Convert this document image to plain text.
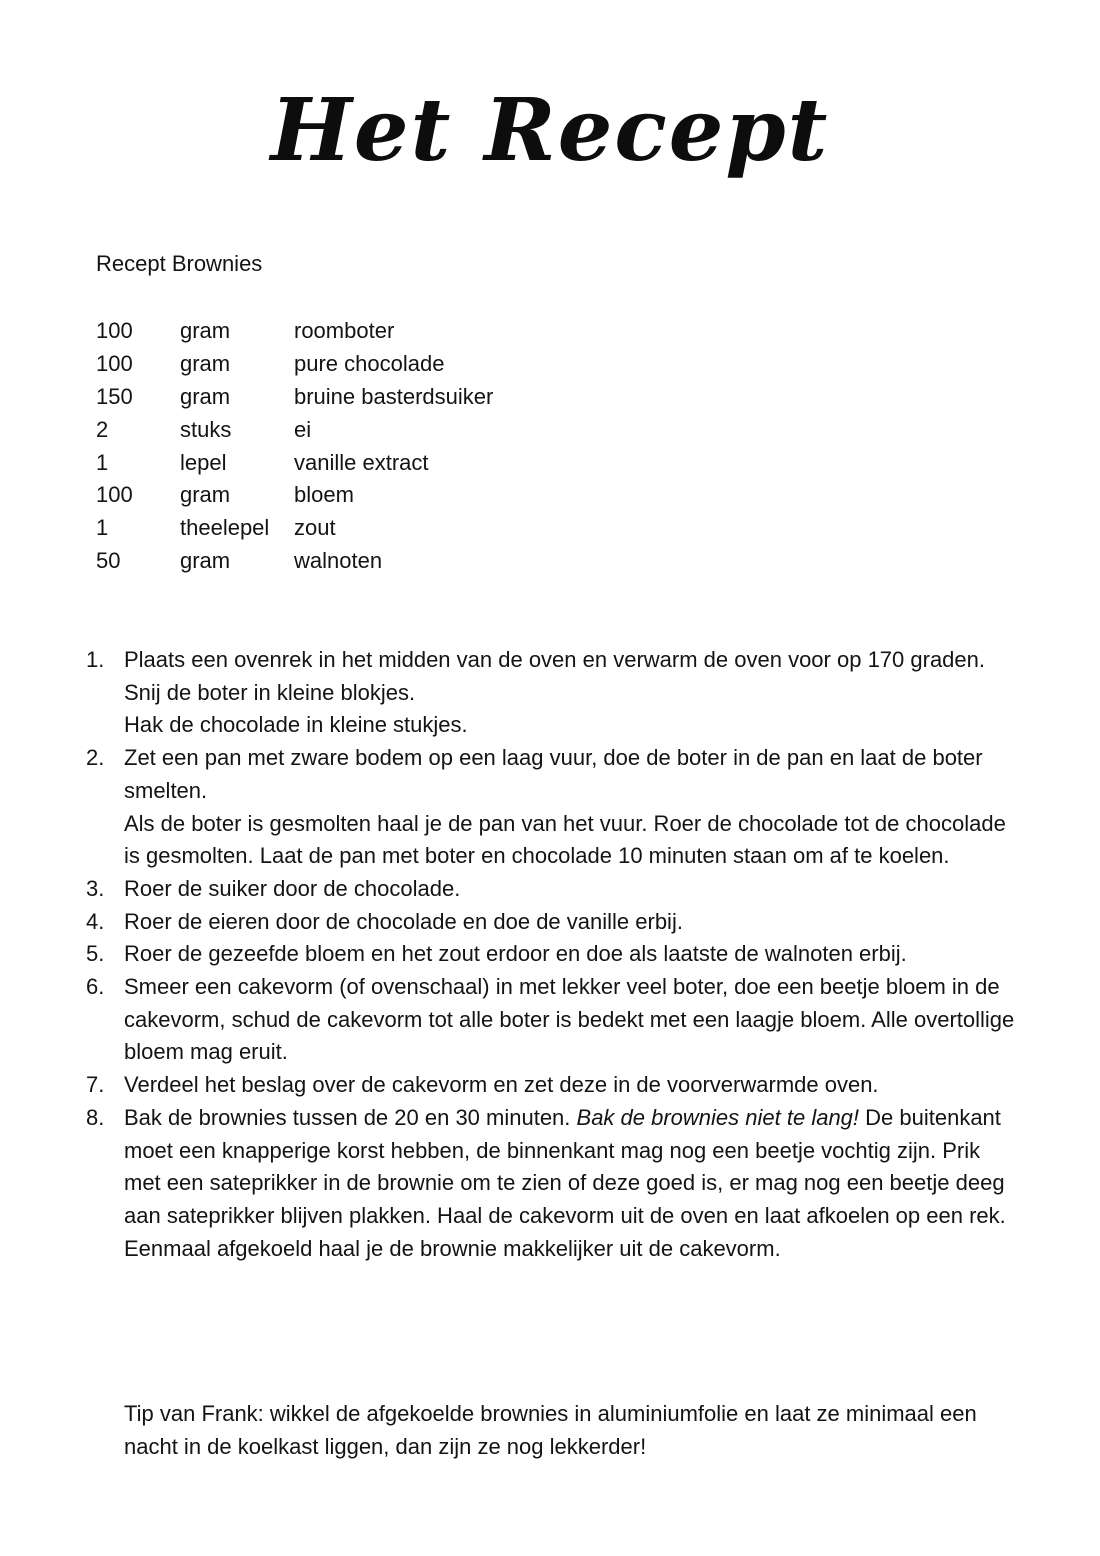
Het Recept
Recept Brownies
100	gram	roomboter
100	gram	pure chocolade
150	gram	bruine basterdsuiker
2	stuks	ei
1	lepel	vanille extract
100	gram	bloem
1	theelepel	zout
50	gram	walnoten
1. Plaats een ovenrek in het midden van de oven en verwarm de oven voor op 170 graden.

Snij de boter in kleine blokjes.

Hak de chocolade in kleine stukjes.

2. Zet een pan met zware bodem op een laag vuur, doe de boter in de pan en laat de boter smelten.

Als de boter is gesmolten haal je de pan van het vuur. Roer de chocolade tot de chocolade is gesmolten. Laat de pan met boter en chocolade 10 minuten staan om af te koelen.

3. Roer de suiker door de chocolade.

4. Roer de eieren door de chocolade en doe de vanille erbij.

5. Roer de gezeefde bloem en het zout erdoor en doe als laatste de walnoten erbij.

6. Smeer een cakevorm (of ovenschaal) in met lekker veel boter, doe een beetje bloem in de cakevorm, schud de cakevorm tot alle boter is bedekt met een laagje bloem. Alle overtollige bloem mag eruit.

7. Verdeel het beslag over de cakevorm en zet deze in de voorverwarmde oven.

8. Bak de brownies tussen de 20 en 30 minuten. Bak de brownies niet te lang! De buitenkant moet een knapperige korst hebben, de binnenkant mag nog een beetje vochtig zijn. Prik met een sateprikker in de brownie om te zien of deze goed is, er mag nog een beetje deeg aan sateprikker blijven plakken. Haal de cakevorm uit de oven en laat afkoelen op een rek. Eenmaal afgekoeld haal je de brownie makkelijker uit de cakevorm.

Tip van Frank: wikkel de afgekoelde brownies in aluminiumfolie en laat ze minimaal een nacht in de koelkast liggen, dan zijn ze nog lekkerder!
